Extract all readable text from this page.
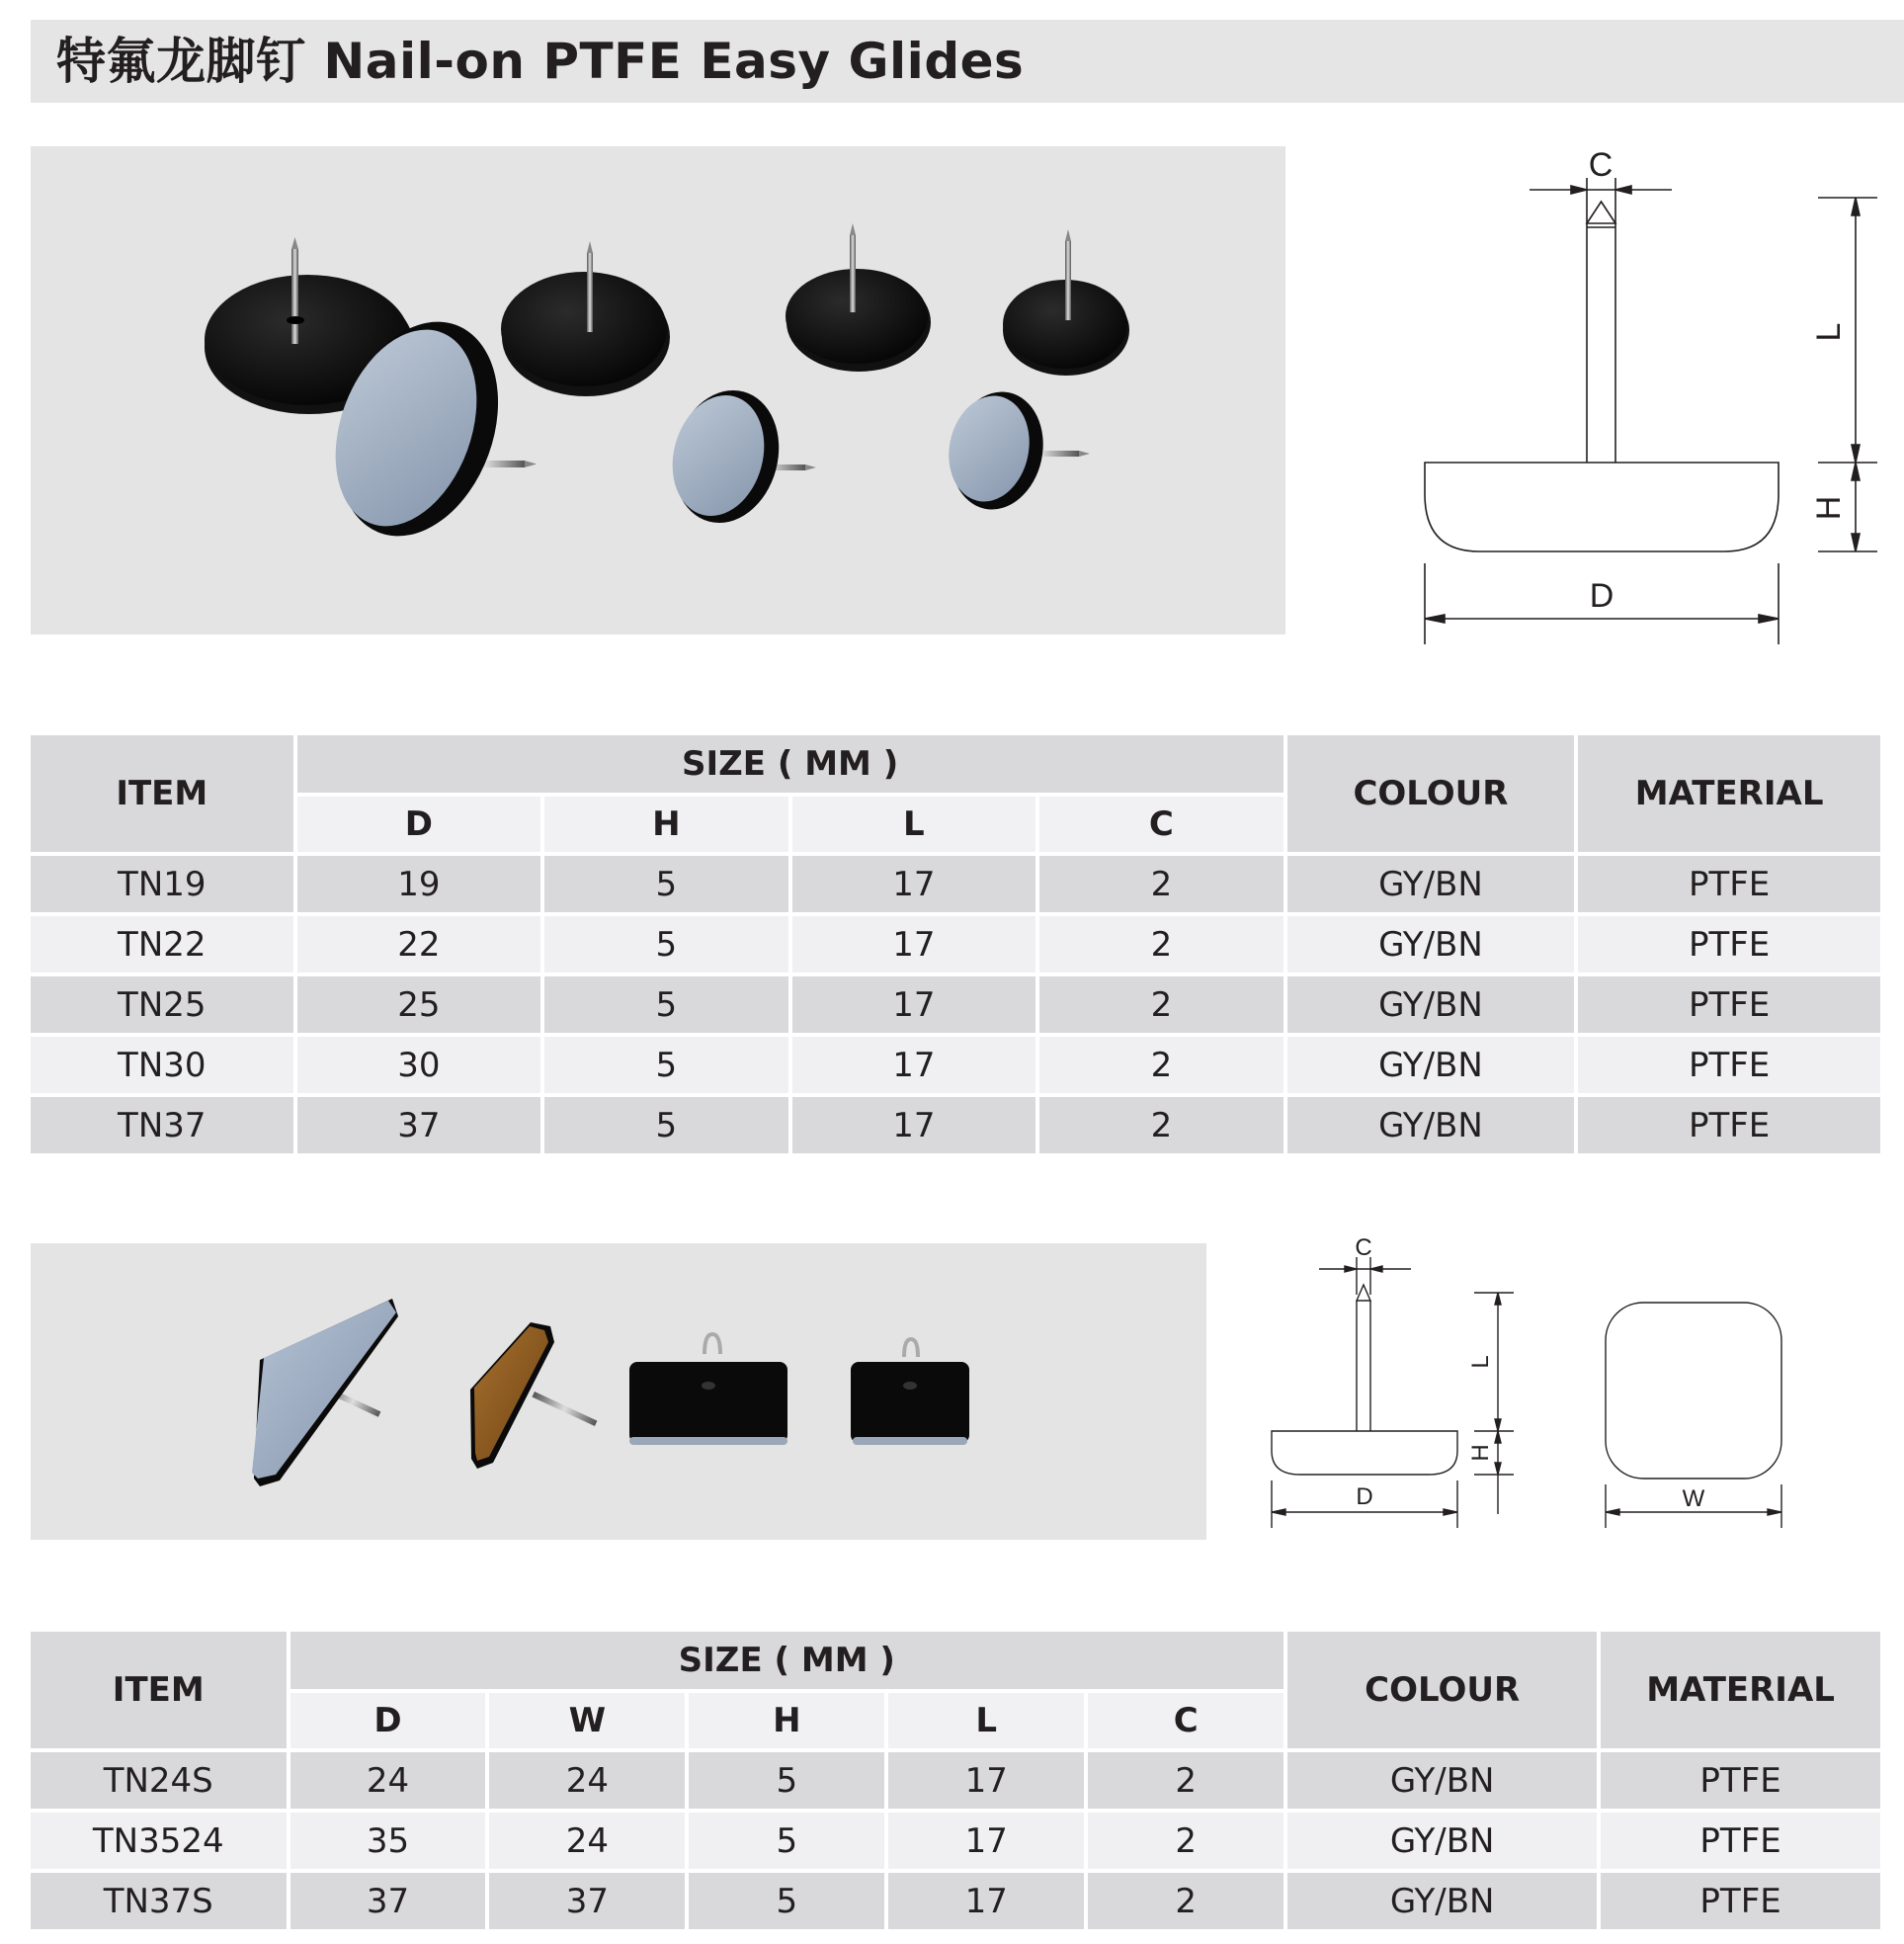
特氟龙脚钉 Nail-on PTFE Easy Glides
C
L
H
D
ITEM	SIZE ( MM )				COLOUR	MATERIAL
	D	H	L	C		
TN19	19	5	17	2	GY/BN	PTFE
TN22	22	5	17	2	GY/BN	PTFE
TN25	25	5	17	2	GY/BN	PTFE
TN30	30	5	17	2	GY/BN	PTFE
TN37	37	5	17	2	GY/BN	PTFE
C
L
H
D	W
ITEM	SIZE ( MM )					COLOUR	MATERIAL
	D	W	H	L	C		
TN24S	24	24	5	17	2	GY/BN	PTFE
TN3524	35	24	5	17	2	GY/BN	PTFE
TN37S	37	37	5	17	2	GY/BN	PTFE
